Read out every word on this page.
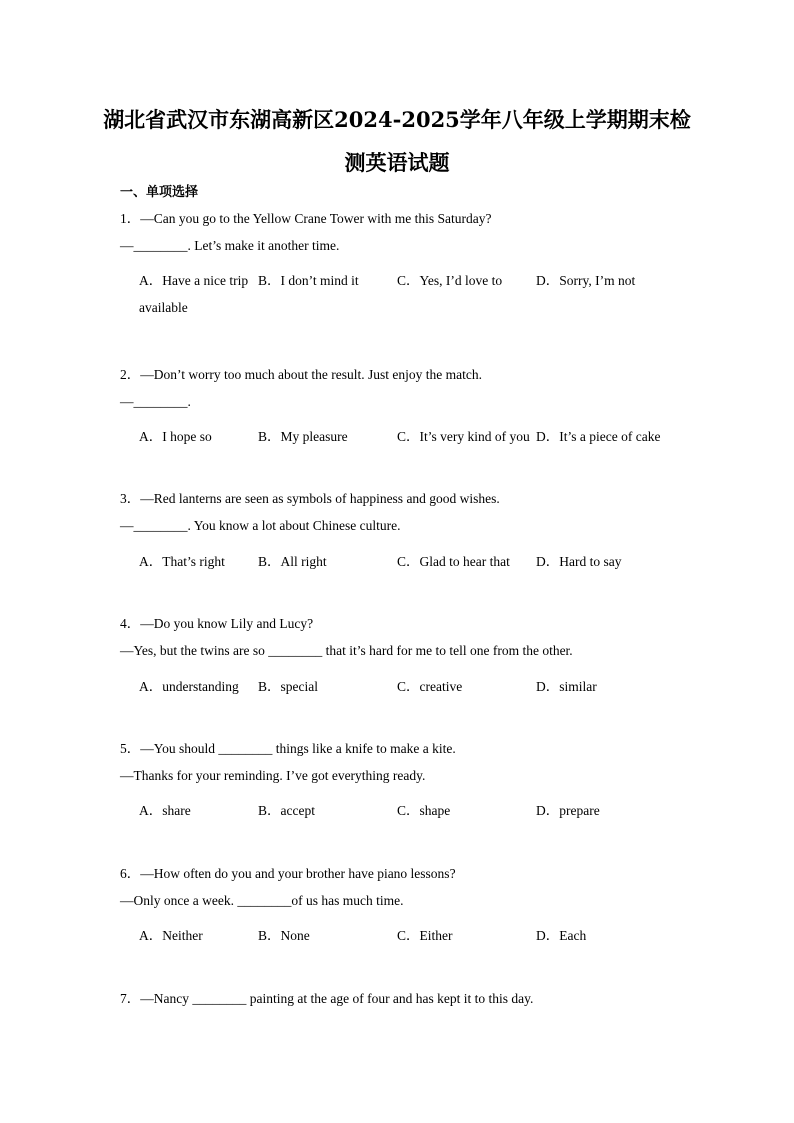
湖北省武汉市东湖高新区2024-2025学年八年级上学期期末检
测英语试题
一、单项选择
1．—Can you go to the Yellow Crane Tower with me this Saturday?
—________. Let’s make it another time.
A．Have a nice trip B．I don’t mind it	C．Yes, I’d love to	D．Sorry, I’m not
available
2．—Don’t worry too much about the result. Just enjoy the match.
—________.
A．I hope so	B．My pleasure	C．It’s very kind of you D．It’s a piece of cake
3．—Red lanterns are seen as symbols of happiness and good wishes.
—________. You know a lot about Chinese culture.
A．That’s right B．All right	C．Glad to hear that D．Hard to say
4．—Do you know Lily and Lucy?
—Yes, but the twins are so ________ that it’s hard for me to tell one from the other.
A．understanding B．special	C．creative	D．similar
5．—You should ________ things like a knife to make a kite.
—Thanks for your reminding. I’ve got everything ready.
A．share	B．accept	C．shape	D．prepare
6．—How often do you and your brother have piano lessons?
—Only once a week. ________of us has much time.
A．Neither	B．None	C．Either	D．Each
7．—Nancy ________ painting at the age of four and has kept it to this day.
